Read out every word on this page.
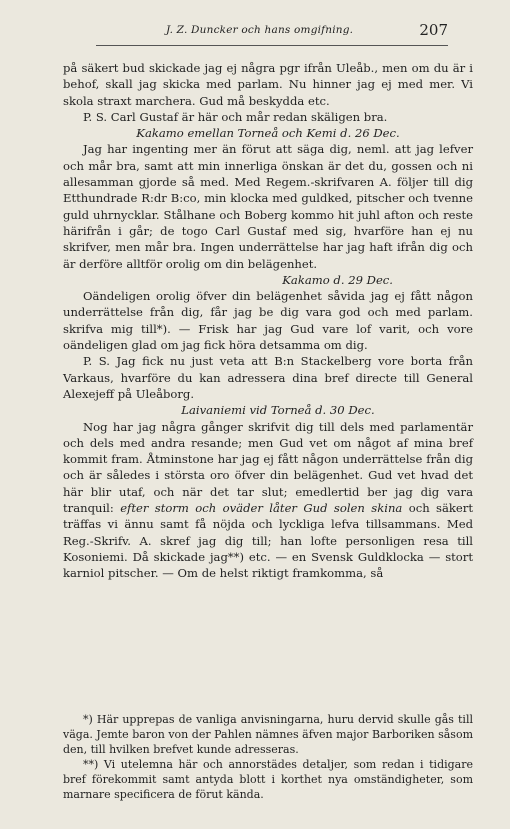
J. Z. Duncker och hans omgifning.	207

på säkert bud skickade jag ej några pgr ifrån Uleåb., men om du är i behof, skall jag skicka med parlam. Nu hinner jag ej med mer. Vi skola straxt marchera. Gud må beskydda etc.

P. S. Carl Gustaf är här och mår redan skäligen bra.

Kakamo emellan Torneå och Kemi d. 26 Dec.

Jag har ingenting mer än förut att säga dig, neml. att jag lefver och mår bra, samt att min innerliga önskan är det du, gossen och ni allesamman gjorde så med. Med Regem.-skrifvaren A. följer till dig Etthundrade R:dr B:co, min klocka med guldked, pitscher och tvenne guld uhrnycklar. Stålhane och Boberg kommo hit juhl afton och reste härifrån i går; de togo Carl Gustaf med sig, hvarföre han ej nu skrifver, men mår bra. Ingen underrättelse har jag haft ifrån dig och är derföre alltför orolig om din belägenhet.

Kakamo d. 29 Dec.

Oändeligen orolig öfver din belägenhet såvida jag ej fått någon underrättelse från dig, får jag be dig vara god och med parlam. skrifva mig till*). — Frisk har jag Gud vare lof varit, och vore oändeligen glad om jag fick höra detsamma om dig.

P. S. Jag fick nu just veta att B:n Stackelberg vore borta från Varkaus, hvarföre du kan adressera dina bref directe till General Alexejeff på Uleåborg.

Laivaniemi vid Torneå d. 30 Dec.

Nog har jag några gånger skrifvit dig till dels med parlamentär och dels med andra resande; men Gud vet om något af mina bref kommit fram. Åtminstone har jag ej fått någon underrättelse från dig och är således i största oro öfver din belägenhet. Gud vet hvad det här blir utaf, och när det tar slut; emedlertid ber jag dig vara tranquil: efter storm och oväder låter Gud solen skina och säkert träffas vi ännu samt få nöjda och lyckliga lefva tillsammans. Med Reg.-Skrifv. A. skref jag dig till; han lofte personligen resa till Kosoniemi. Då skickade jag**) etc. — en Svensk Guldklocka — stort karniol pitscher. — Om de helst riktigt framkomma, så

*) Här upprepas de vanliga anvisningarna, huru dervid skulle gås till väga. Jemte baron von der Pahlen nämnes äfven major Barboriken såsom den, till hvilken brefvet kunde adresseras.

**) Vi utelemna här och annorstädes detaljer, som redan i tidigare bref förekommit samt antyda blott i korthet nya omständigheter, som marnare specificera de förut kända.
